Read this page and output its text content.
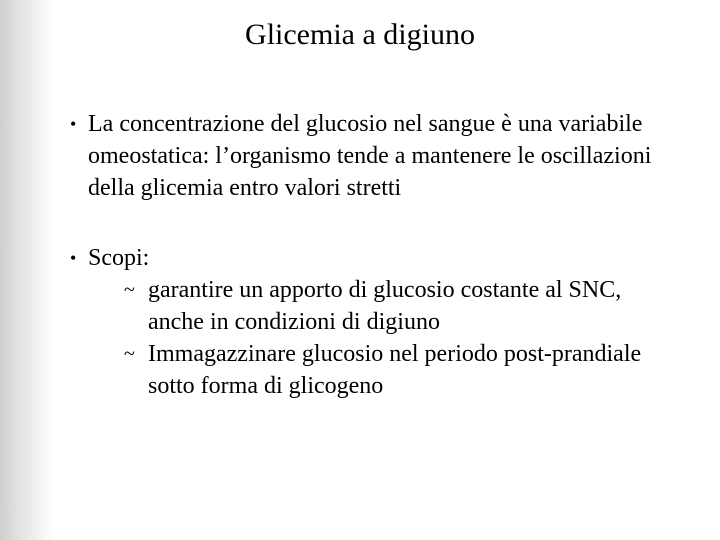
Glicemia a digiuno
• La concentrazione del glucosio nel sangue è una variabile omeostatica: l’organismo tende a mantenere le oscillazioni della glicemia entro valori stretti
• Scopi:
~ garantire un apporto di glucosio costante al SNC, anche in condizioni di digiuno
~ Immagazzinare glucosio nel periodo post-prandiale sotto forma di glicogeno
